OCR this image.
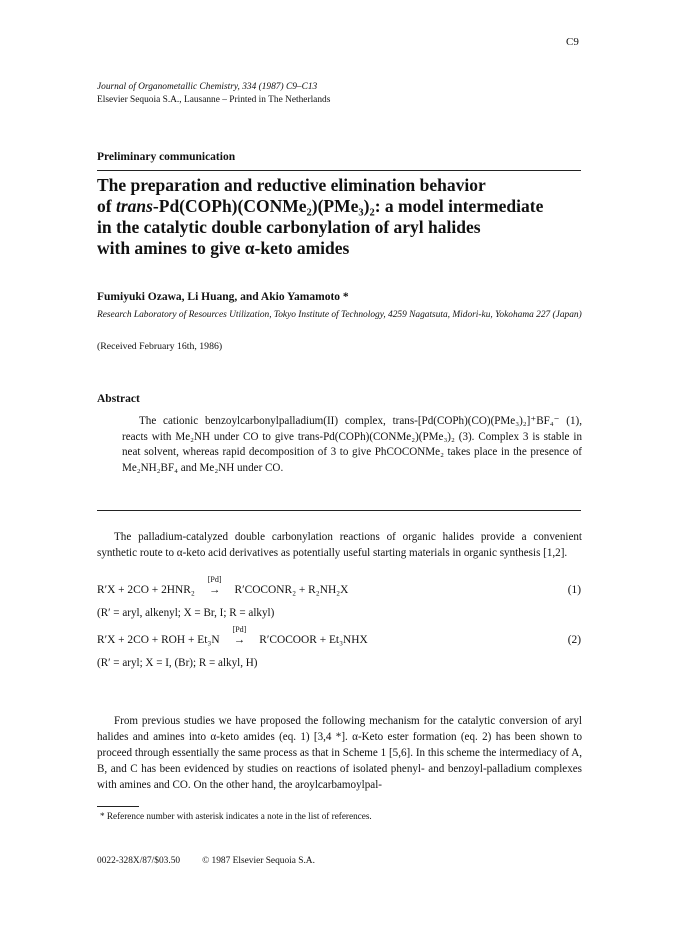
C9
Journal of Organometallic Chemistry, 334 (1987) C9–C13
Elsevier Sequoia S.A., Lausanne – Printed in The Netherlands
Preliminary communication
The preparation and reductive elimination behavior
of trans-Pd(COPh)(CONMe₂)(PMe₃)₂: a model intermediate
in the catalytic double carbonylation of aryl halides
with amines to give α-keto amides
Fumiyuki Ozawa, Li Huang, and Akio Yamamoto *
Research Laboratory of Resources Utilization, Tokyo Institute of Technology, 4259 Nagatsuta, Midori-ku, Yokohama 227 (Japan)
(Received February 16th, 1986)
Abstract
The cationic benzoylcarbonylpalladium(II) complex, trans-[Pd(COPh)(CO)(PMe₃)₂]⁺BF₄⁻ (1), reacts with Me₂NH under CO to give trans-Pd(COPh)(CONMe₂)(PMe₃)₂ (3). Complex 3 is stable in neat solvent, whereas rapid decomposition of 3 to give PhCOCONMe₂ takes place in the presence of Me₂NH₂BF₄ and Me₂NH under CO.
The palladium-catalyzed double carbonylation reactions of organic halides provide a convenient synthetic route to α-keto acid derivatives as potentially useful starting materials in organic synthesis [1,2].
R′X + 2CO + 2HNR₂
[Pd]
→ R′COCONR₂ + R₂NH₂X	(1)
(R′ = aryl, alkenyl; X = Br, I; R = alkyl)
R′X + 2CO + ROH + Et₃N
[Pd]
→ R′COCOOR + Et₃NHX	(2)
(R′ = aryl; X = I, (Br); R = alkyl, H)
From previous studies we have proposed the following mechanism for the catalytic conversion of aryl halides and amines into α-keto amides (eq. 1) [3,4 *]. α-Keto ester formation (eq. 2) has been shown to proceed through essentially the same process as that in Scheme 1 [5,6]. In this scheme the intermediacy of A, B, and C has been evidenced by studies on reactions of isolated phenyl- and benzoyl-palladium complexes with amines and CO. On the other hand, the aroylcarbamoylpal-
* Reference number with asterisk indicates a note in the list of references.
0022-328X/87/$03.50 © 1987 Elsevier Sequoia S.A.
